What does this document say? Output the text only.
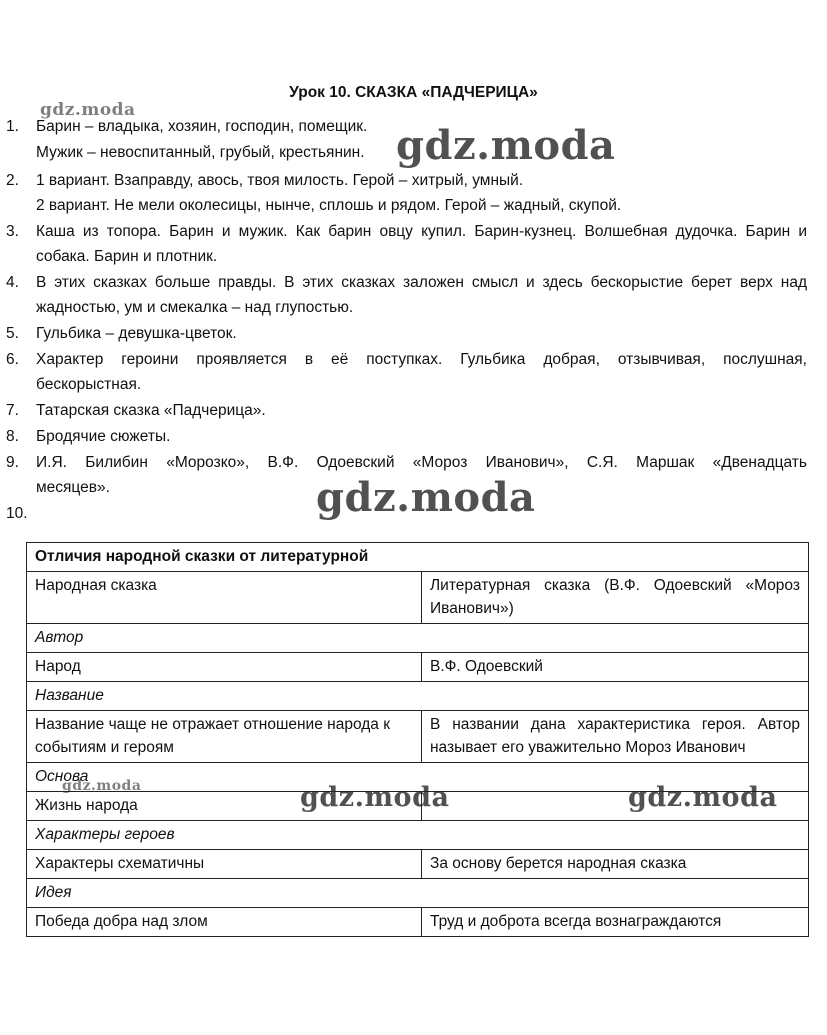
Урок 10. СКАЗКА «ПАДЧЕРИЦА»
gdz.moda
gdz.moda
gdz.moda
gdz.moda	gdz.moda	gdz.moda
1. Барин – владыка, хозяин, господин, помещик.
Мужик – невоспитанный, грубый, крестьянин.
2. 1 вариант. Взаправду, авось, твоя милость. Герой – хитрый, умный.
2 вариант. Не мели околесицы, нынче, сплошь и рядом. Герой – жадный, скупой.
3. Каша из топора. Барин и мужик. Как барин овцу купил. Барин-кузнец. Волшебная дудочка. Барин и
собака. Барин и плотник.
4. В этих сказках больше правды. В этих сказках заложен смысл и здесь бескорыстие берет верх над
жадностью, ум и смекалка – над глупостью.
5. Гульбика – девушка-цветок.
6. Характер героини проявляется в её поступках. Гульбика добрая, отзывчивая, послушная,
бескорыстная.
7. Татарская сказка «Падчерица».
8. Бродячие сюжеты.
9. И.Я. Билибин «Морозко», В.Ф. Одоевский «Мороз Иванович», С.Я. Маршак «Двенадцать
месяцев».
10.
Отличия народной сказки от литературной	
Народная сказка	Литературная сказка (В.Ф. Одоевский «Мороз Иванович»)
Автор	
Народ	В.Ф. Одоевский
Название	
Название чаще не отражает отношение народа к событиям и героям	В названии дана характеристика героя. Автор называет его уважительно Мороз Иванович
Основа	
Жизнь народа	
Характеры героев	
Характеры схематичны	За основу берется народная сказка
Идея	
Победа добра над злом	Труд и доброта всегда вознаграждаются
